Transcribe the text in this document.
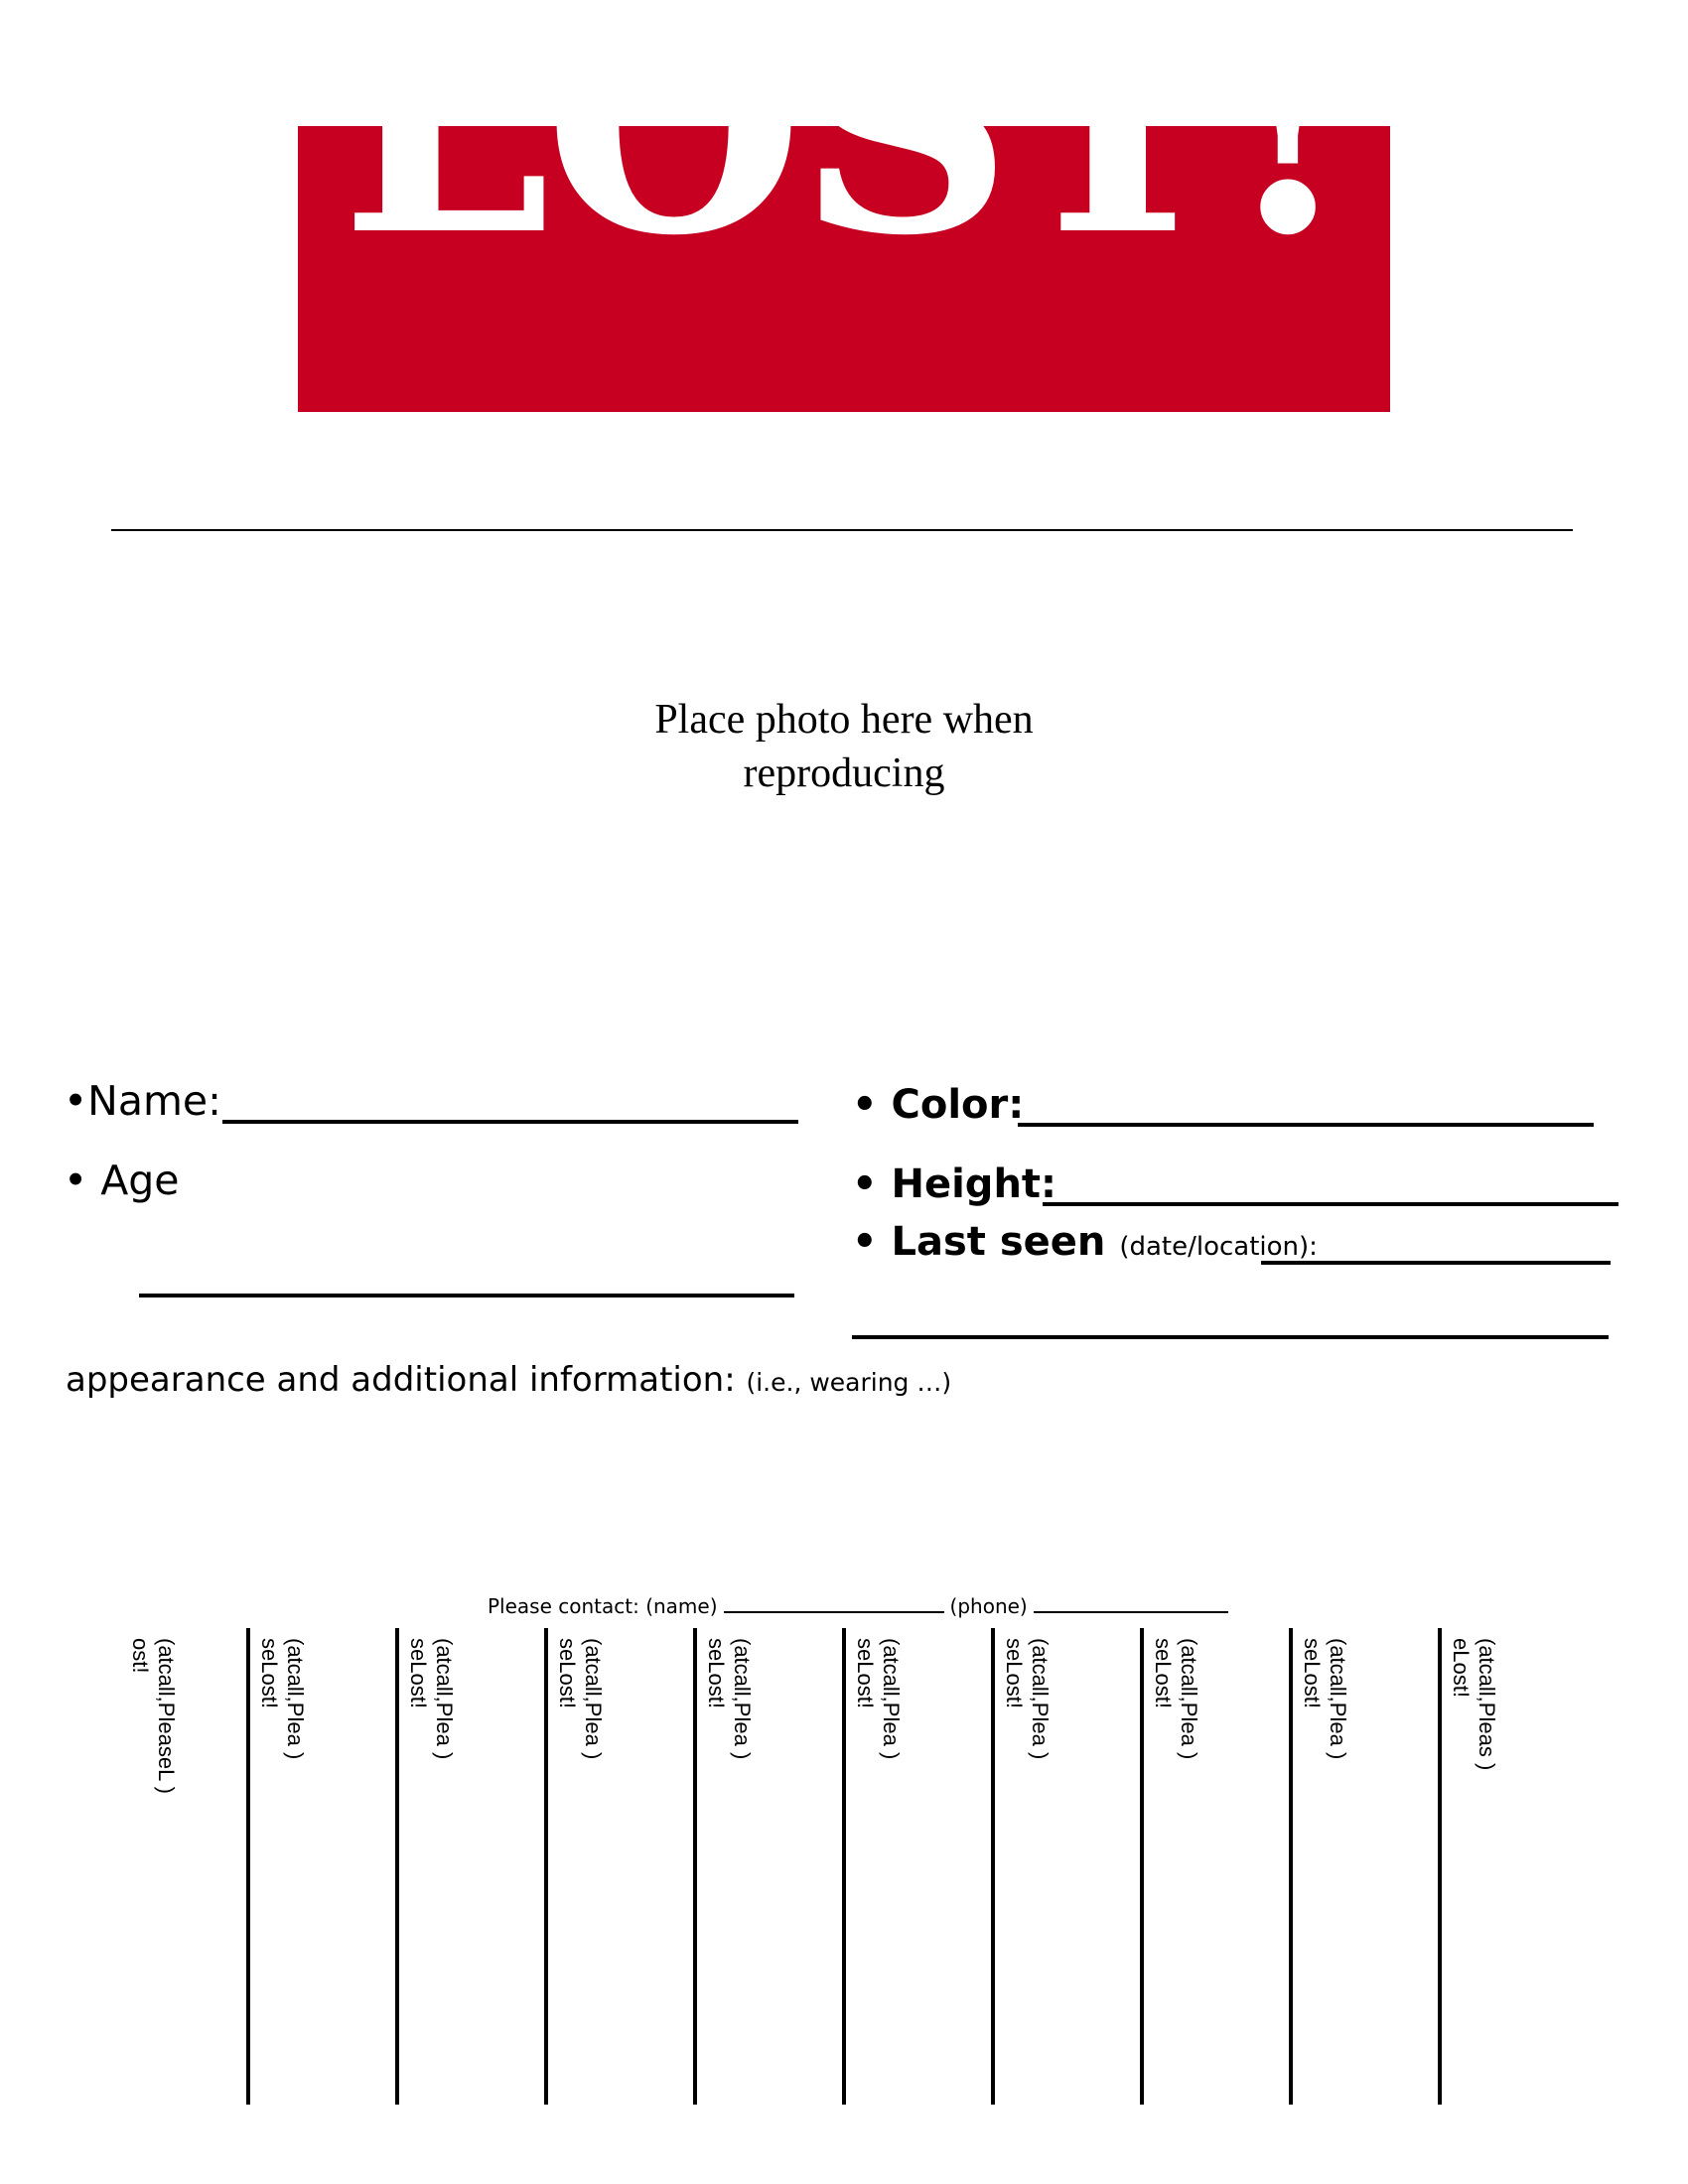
LOST!
Place photo here when
reproducing
•Name:
• Age
• Color:
• Height:
• Last seen (date/location):
appearance and additional information: (i.e., wearing …)
Please contact: (name)	(phone)
(atcall,PleaseL )
ost!	(atcall,Plea )
seLost!	(atcall,Plea )
seLost!	(atcall,Plea )
seLost!	(atcall,Plea )
seLost!	(atcall,Plea )
seLost!	(atcall,Plea )
seLost!	(atcall,Plea )
seLost!	(atcall,Plea )
seLost!	(atcall,Pleas )
eLost!
